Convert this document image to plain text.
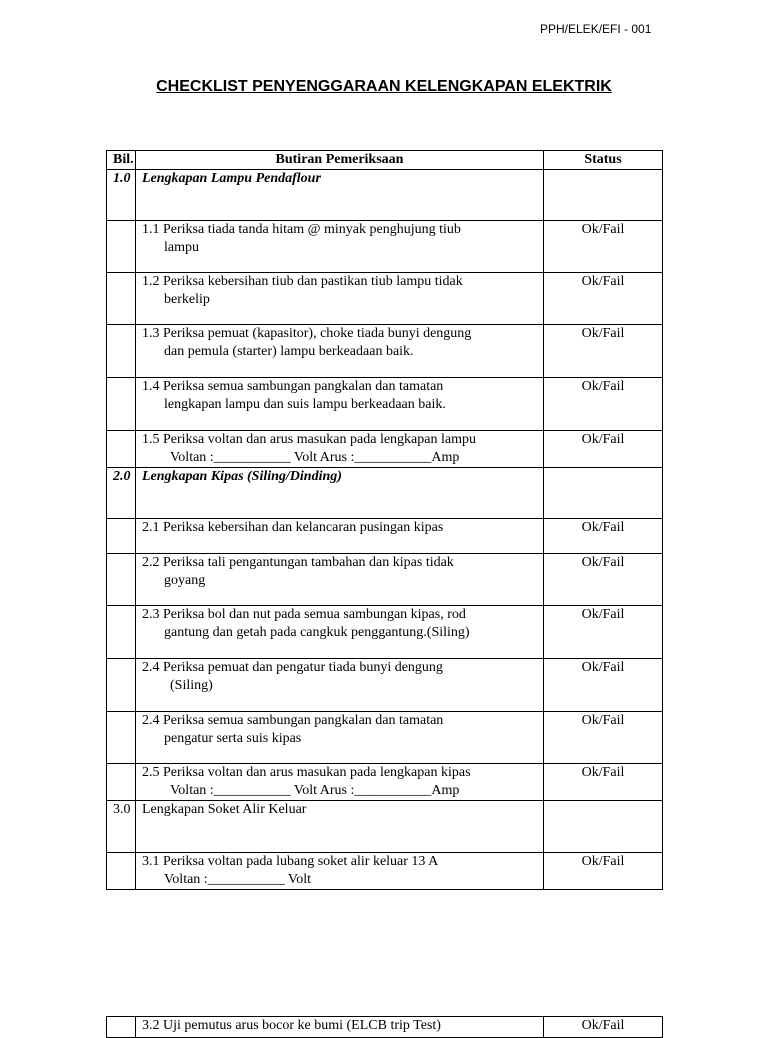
PPH/ELEK/EFI - 001
CHECKLIST PENYENGGARAAN KELENGKAPAN ELEKTRIK
Bil.	Butiran Pemeriksaan	Status
1.0	Lengkapan Lampu Pendaflour	
	1.1 Periksa tiada tanda hitam @ minyak penghujung tiub
lampu	Ok/Fail
	1.2 Periksa kebersihan tiub dan pastikan tiub lampu tidak
berkelip	Ok/Fail
	1.3 Periksa pemuat (kapasitor), choke tiada bunyi dengung
dan pemula (starter) lampu berkeadaan baik.	Ok/Fail
	1.4 Periksa semua sambungan pangkalan dan tamatan
lengkapan lampu dan suis lampu berkeadaan baik.	Ok/Fail
	1.5 Periksa voltan dan arus masukan pada lengkapan lampu
Voltan :___________ Volt Arus :___________Amp	Ok/Fail
2.0	Lengkapan Kipas (Siling/Dinding)	
	2.1 Periksa kebersihan dan kelancaran pusingan kipas	Ok/Fail
	2.2 Periksa tali pengantungan tambahan dan kipas tidak
goyang	Ok/Fail
	2.3 Periksa bol dan nut pada semua sambungan kipas, rod
gantung dan getah pada cangkuk penggantung.(Siling)	Ok/Fail
	2.4 Periksa pemuat dan pengatur tiada bunyi dengung
(Siling)	Ok/Fail
	2.4 Periksa semua sambungan pangkalan dan tamatan
pengatur serta suis kipas	Ok/Fail
	2.5 Periksa voltan dan arus masukan pada lengkapan kipas
Voltan :___________ Volt Arus :___________Amp	Ok/Fail
3.0	Lengkapan Soket Alir Keluar	
	3.1 Periksa voltan pada lubang soket alir keluar 13 A
Voltan :___________ Volt	Ok/Fail
	3.2 Uji pemutus arus bocor ke bumi (ELCB trip Test)	Ok/Fail
